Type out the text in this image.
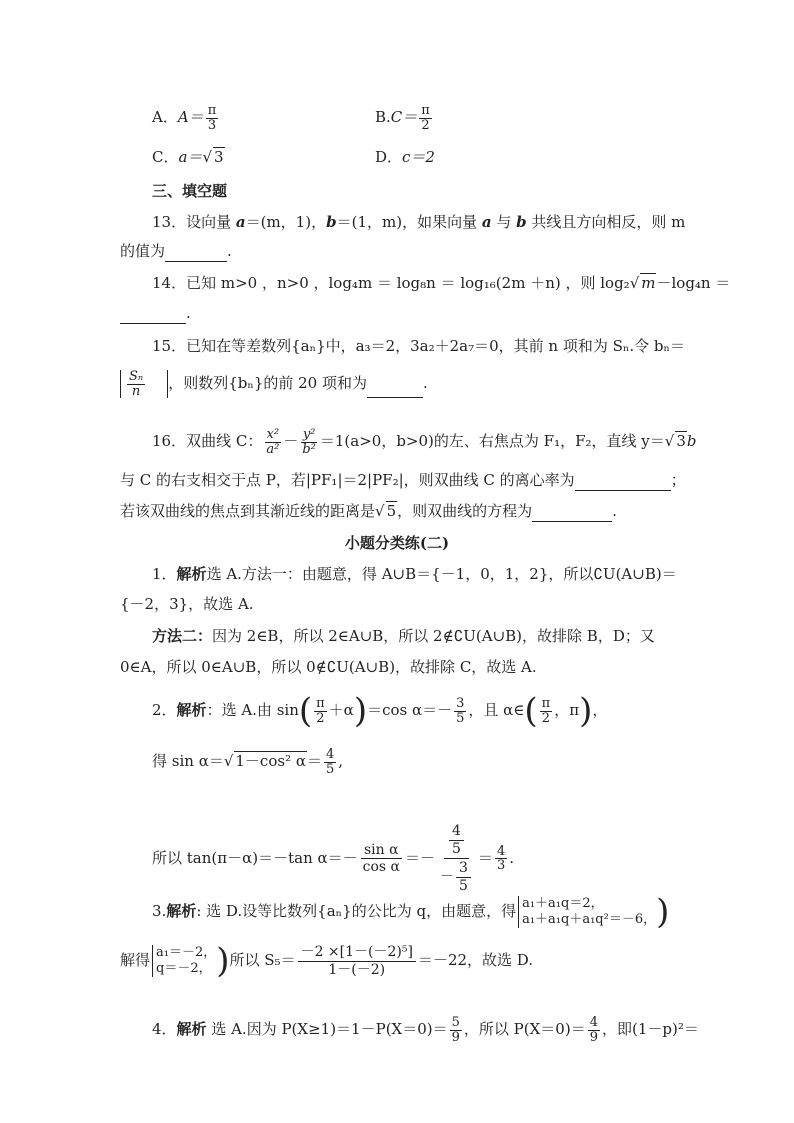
A．$A= \frac{\pi}{3}$	$B.C= \frac{\pi}{2}$
C．a＝√ 3	D．c＝2
三、填空题
13．设向量 a＝(m，1)，b＝(1，m)，如果向量 a 与 b 共线且方向相反，则 m
的值为	.
14．已知 m>0 ，n>0 ，log₄m ＝ log₈n ＝ log₁₆(2m ＋n) ，则 log₂√ m－log₄n ＝
.
15．已知在等差数列{aₙ}中，a₃＝2，3a₂＋2a₇＝0，其前 n 项和为 Sₙ.令 bₙ＝
$\frac{\text{Sₙ}}{n}$ ，则数列{bₙ}的前 20 项和为	.
16．双曲线 C： $\frac{\text{x²}}{\text{a²}} - \frac{\text{y²}}{\text{b²}} =1(a>0$，b>0)的左、右焦点为 F₁，F₂，直线 y＝√ 3b
与 C 的右支相交于点 P，若|PF₁|＝2|PF₂|，则双曲线 C 的离心率为	；
若该双曲线的焦点到其渐近线的距离是√ 5，则双曲线的方程为	.
小题分类练(二)
1．解析选 A.方法一：由题意，得 A∪B＝{－1，0，1，2}，所以∁U(A∪B)＝
{－2，3}，故选 A.
方法二：因为 2∈B，所以 2∈A∪B，所以 2∉∁U(A∪B)，故排除 B，D；又
0∈A，所以 0∈A∪B，所以 0∉∁U(A∪B)，故排除 C，故选 A.
2．解析：选 A.由 $\sin( \frac{\pi}{2} +\alpha)=\cos$ $\alpha=- \frac{3}{5}$ ，且 α∈( $\frac{\pi}{2}$ ，π)，
得 sin α＝√ 1－cos² $\alpha= \frac{4}{5}$ ,
所以 tan(π－α)＝－tan $\alpha=- \frac{\text{sin α}}{\text{cos α}} =- \frac{\frac{4}{5}}{- \frac{3}{5}} = \frac{4}{3}$ .
3.解析: 选 D.设等比数列{aₙ}的公比为 q，由题意，得 a₁＋a₁q＝2，
a₁＋a₁q＋a₁q²＝－6， )
解得 a₁＝－2，
q＝－2， )所以 $S_5= \frac{\text{－2 ×[1－(－2)⁵]}}{1-(-2)} =-22$，故选 D.
4．解析 选 A.因为 $P(X\ge 1)=1-P(X=0)= \frac{5}{9}$ ，所以 $P(X=0)= \frac{4}{9}$ ，即(1－p)²＝
